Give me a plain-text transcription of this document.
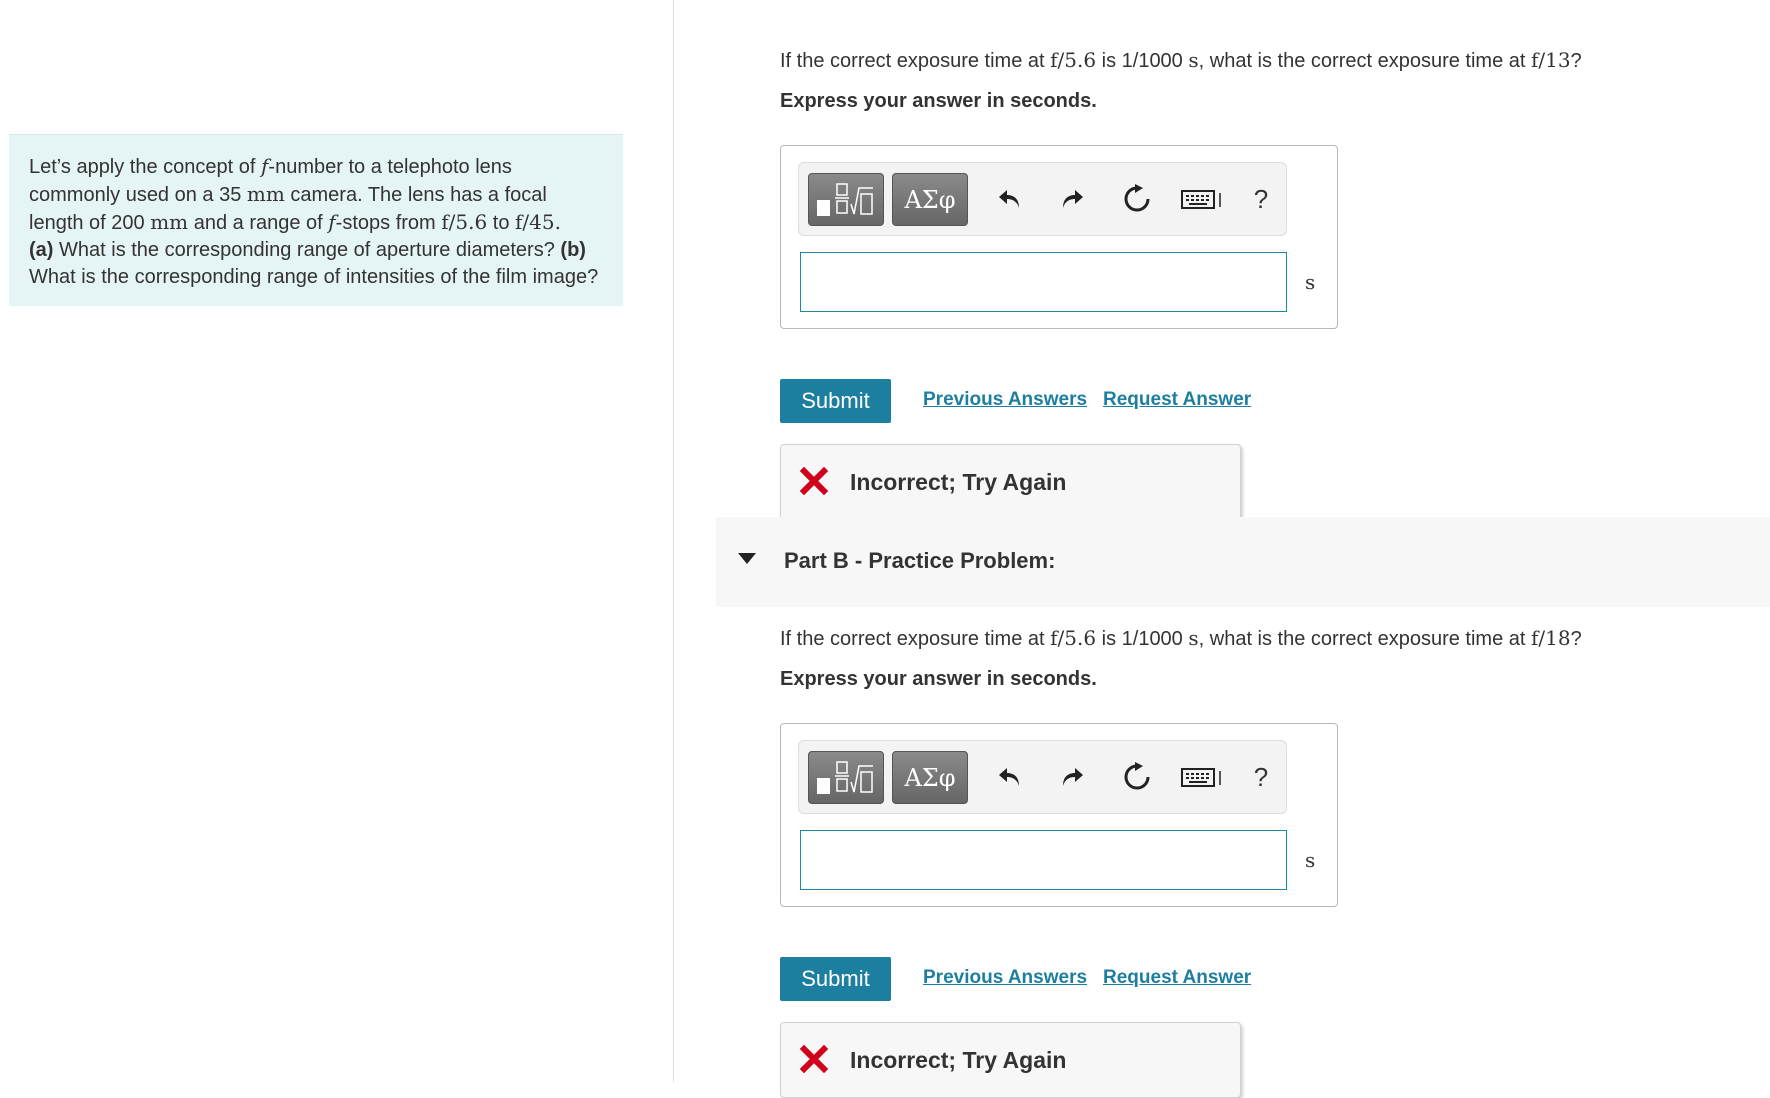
Let’s apply the concept of f-number to a telephoto lens commonly used on a 35 mm camera. The lens has a focal length of 200 mm and a range of f-stops from f/5.6 to f/45.
(a) What is the corresponding range of aperture diameters? (b) What is the corresponding range of intensities of the film image?
If the correct exposure time at f/5.6 is 1/1000 s, what is the correct exposure time at f/13?
Express your answer in seconds.
ΑΣφ	?
s
Submit	Previous Answers Request Answer
Incorrect; Try Again
Part B - Practice Problem:
If the correct exposure time at f/5.6 is 1/1000 s, what is the correct exposure time at f/18?
Express your answer in seconds.
ΑΣφ	?
s
Submit	Previous Answers Request Answer
Incorrect; Try Again
